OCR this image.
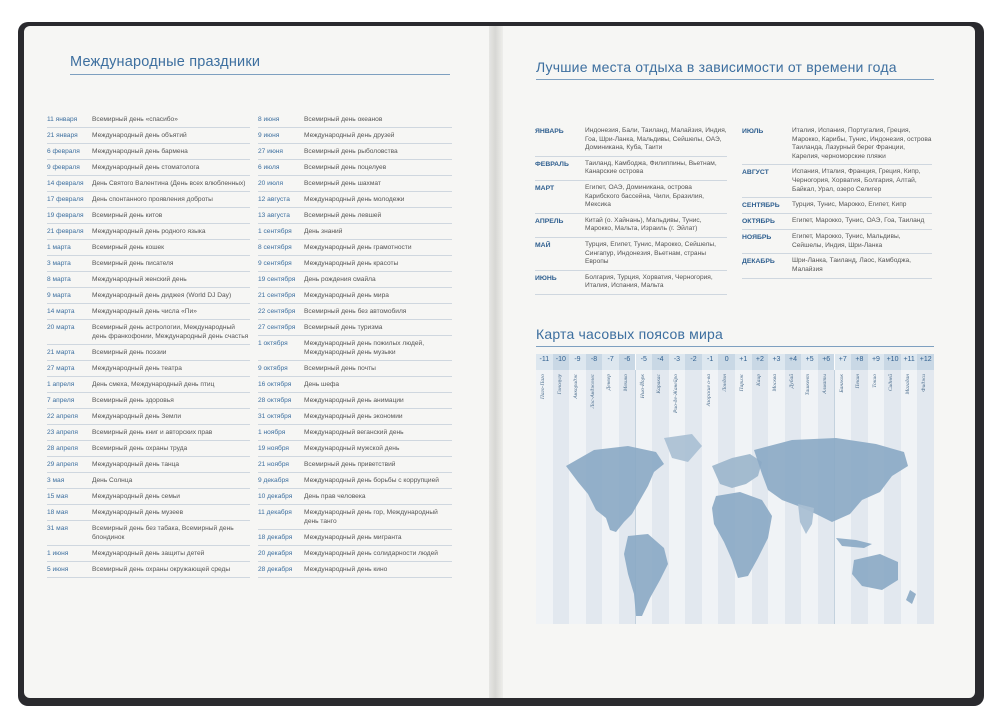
Международные праздники
11 января	Всемирный день «спасибо»
21 января	Международный день объятий
6 февраля	Международный день бармена
9 февраля	Международный день стоматолога
14 февраля	День Святого Валентина (День всех влюбленных)
17 февраля	День спонтанного проявления доброты
19 февраля	Всемирный день китов
21 февраля	Международный день родного языка
1 марта	Всемирный день кошек
3 марта	Всемирный день писателя
8 марта	Международный женский день
9 марта	Международный день диджея (World DJ Day)
14 марта	Международный день числа «Пи»
20 марта	Всемирный день астрологии, Международный день франкофонии, Международный день счастья
21 марта	Всемирный день поэзии
27 марта	Международный день театра
1 апреля	День смеха, Международный день птиц
7 апреля	Всемирный день здоровья
22 апреля	Международный день Земли
23 апреля	Всемирный день книг и авторских прав
28 апреля	Всемирный день охраны труда
29 апреля	Международный день танца
3 мая	День Солнца
15 мая	Международный день семьи
18 мая	Международный день музеев
31 мая	Всемирный день без табака, Всемирный день блондинок
1 июня	Международный день защиты детей
5 июня	Всемирный день охраны окружающей среды
8 июня	Всемирный день океанов
9 июня	Международный день друзей
27 июня	Всемирный день рыболовства
6 июля	Всемирный день поцелуев
20 июля	Всемирный день шахмат
12 августа	Международный день молодежи
13 августа	Всемирный день левшей
1 сентября	День знаний
8 сентября	Международный день грамотности
9 сентября	Международный день красоты
19 сентября	День рождения смайла
21 сентября	Международный день мира
22 сентября	Всемирный день без автомобиля
27 сентября	Всемирный день туризма
1 октября	Международный день пожилых людей, Международный день музыки
9 октября	Всемирный день почты
16 октября	День шефа
28 октября	Международный день анимации
31 октября	Международный день экономии
1 ноября	Международный веганский день
19 ноября	Международный мужской день
21 ноября	Всемирный день приветствий
9 декабря	Международный день борьбы с коррупцией
10 декабря	День прав человека
11 декабря	Международный день гор, Международный день танго
18 декабря	Международный день мигранта
20 декабря	Международный день солидарности людей
28 декабря	Международный день кино
Лучшие места отдыха в зависимости от времени года
ЯНВАРЬ	Индонезия, Бали, Таиланд, Малайзия, Индия, Гоа, Шри-Ланка, Мальдивы, Сейшелы, ОАЭ, Доминикана, Куба, Таити
ФЕВРАЛЬ	Таиланд, Камбоджа, Филиппины, Вьетнам, Канарские острова
МАРТ	Египет, ОАЭ, Доминикана, острова Карибского бассейна, Чили, Бразилия, Мексика
АПРЕЛЬ	Китай (о. Хайнань), Мальдивы, Тунис, Марокко, Мальта, Израиль (г. Эйлат)
МАЙ	Турция, Египет, Тунис, Марокко, Сейшелы, Сингапур, Индонезия, Вьетнам, страны Европы
ИЮНЬ	Болгария, Турция, Хорватия, Черногория, Италия, Испания, Мальта
ИЮЛЬ	Италия, Испания, Португалия, Греция, Марокко, Карибы, Тунис, Индонезия, острова Таиланда, Лазурный берег Франции, Карелия, черноморские пляжи
АВГУСТ	Испания, Италия, Франция, Греция, Кипр, Черногория, Хорватия, Болгария, Алтай, Байкал, Урал, озеро Селигер
СЕНТЯБРЬ	Турция, Тунис, Марокко, Египет, Кипр
ОКТЯБРЬ	Египет, Марокко, Тунис, ОАЭ, Гоа, Таиланд
НОЯБРЬ	Египет, Марокко, Тунис, Мальдивы, Сейшелы, Индия, Шри-Ланка
ДЕКАБРЬ	Шри-Ланка, Таиланд, Лаос, Камбоджа, Малайзия
Карта часовых поясов мира
-11
Паго-Паго
-10
Гонолулу
-9
Анкоридж
-8
Лос-Анджелес
-7
Денвер
-6
Мехико
-5
Нью-Йорк
-4
Каракас
-3
Рио-де-Жанейро
-2	-1
Азорские о-ва
0
Лондон
+1
Париж
+2
Каир
+3
Москва
+4
Дубай
+5
Ташкент
+6
Алматы
+7
Бангкок
+8
Пекин
+9
Токио
+10
Сидней
+11
Магадан
+12
Фиджи
